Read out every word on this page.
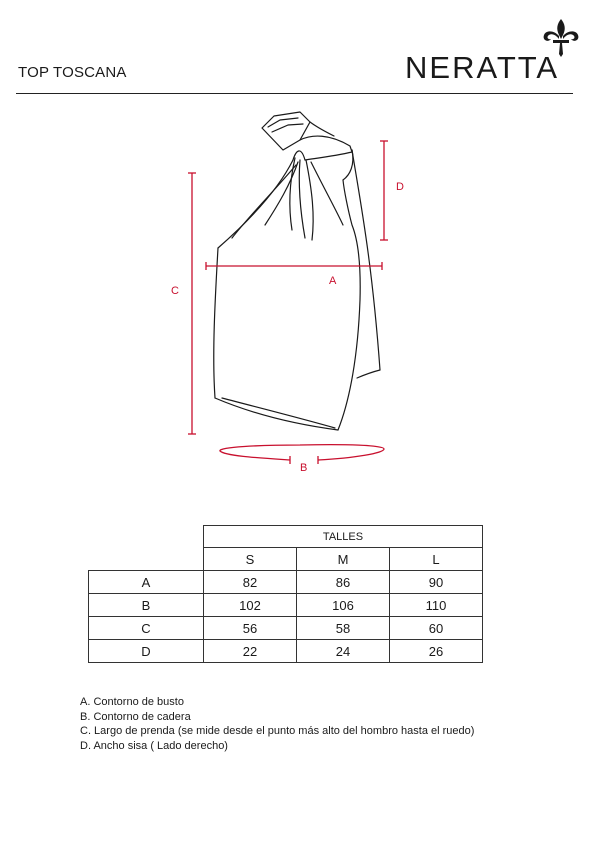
TOP TOSCANA	NERATTA
A
C
D
B
	TALLES		
	S	M	L
A	82	86	90
B	102	106	110
C	56	58	60
D	22	24	26
A. Contorno de busto
B. Contorno de cadera
C. Largo de prenda (se mide desde el punto más alto del hombro hasta el ruedo)
D. Ancho sisa ( Lado derecho)
